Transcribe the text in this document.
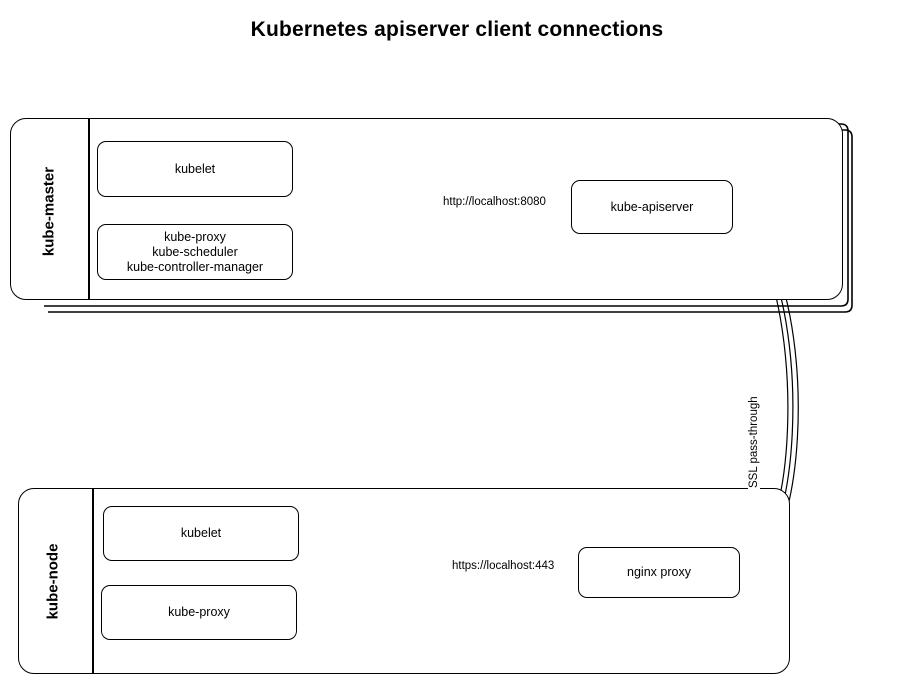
Kubernetes apiserver client connections
kube-master	kubelet
kube-proxy
kube-scheduler
kube-controller-manager
kube-apiserver
http://localhost:8080
kube-node
kubelet
kube-proxy
nginx proxy
https://localhost:443
SSL pass-through
